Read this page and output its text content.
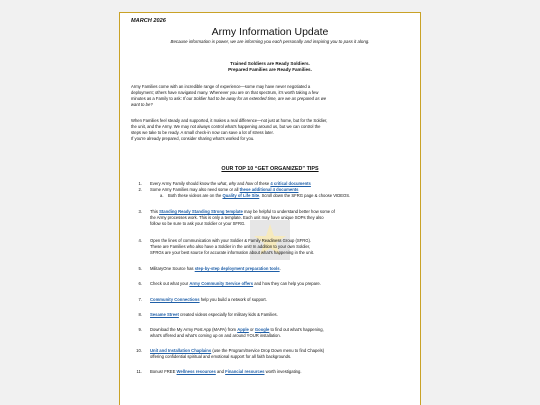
MARCH 2026
Army Information Update
Because information is power, we are informing you each personally and inspiring you to pass it along.
Trained Soldiers are Ready Soldiers.
Prepared Families are Ready Families.
Army Families come with an incredible range of experience—some may have never negotiated a
deployment; others have navigated many. Whenever you are on that spectrum, it's worth taking a few
minutes as a Family to ask: If our Soldier had to be away for an extended time, are we as prepared as we
want to be?
When Families feel steady and supported, it makes a real difference—not just at home, but for the Soldier,
the unit, and the Army. We may not always control what's happening around us, but we can control the
steps we take to be ready. A small check-in now can save a lot of stress later.
If you're already prepared, consider sharing what's worked for you.
OUR TOP 10 “GET ORGANIZED” TIPS
1. Every Army Family should know the what, why and how of these 4 critical documents
2. Some Army Families may also need some or all these additional 4 documents
a. Both these videos are on the Quality of Life Site. Scroll down the SFRG page & choose VIDEOS.
3. This Standing Ready Standing Strong template may be helpful to understand better how some of
the Army processes work. This is only a template. Each unit may have unique SOPs they also
follow so be sure to ask your Soldier or your SFRG.
4. Open the lines of communication with your Soldier & Family Readiness Group (SFRG).
These are Families who also have a Soldier in the unit! In addition to your own Soldier,
SFRGs are your best source for accurate information about what's happening in the unit.
5. MilitaryOne Source has step-by-step deployment preparation tools.
6. Check out what your Army Community Service offers and how they can help you prepare.
7. Community Connections help you build a network of support.
8. Sesame Street created videos especially for military kids & Families.
9. Download the My Army Post App (MAPA) from Apple or Google to find out what's happening,
what's offered and what's coming up on and around YOUR installation.
10. Unit and Installation Chaplains (use the Program/Service Drop Down menu to find Chapels)
offering confidential spiritual and emotional support for all faith backgrounds.
11. Bonus! FREE Wellness resources and Financial resources worth investigating.
